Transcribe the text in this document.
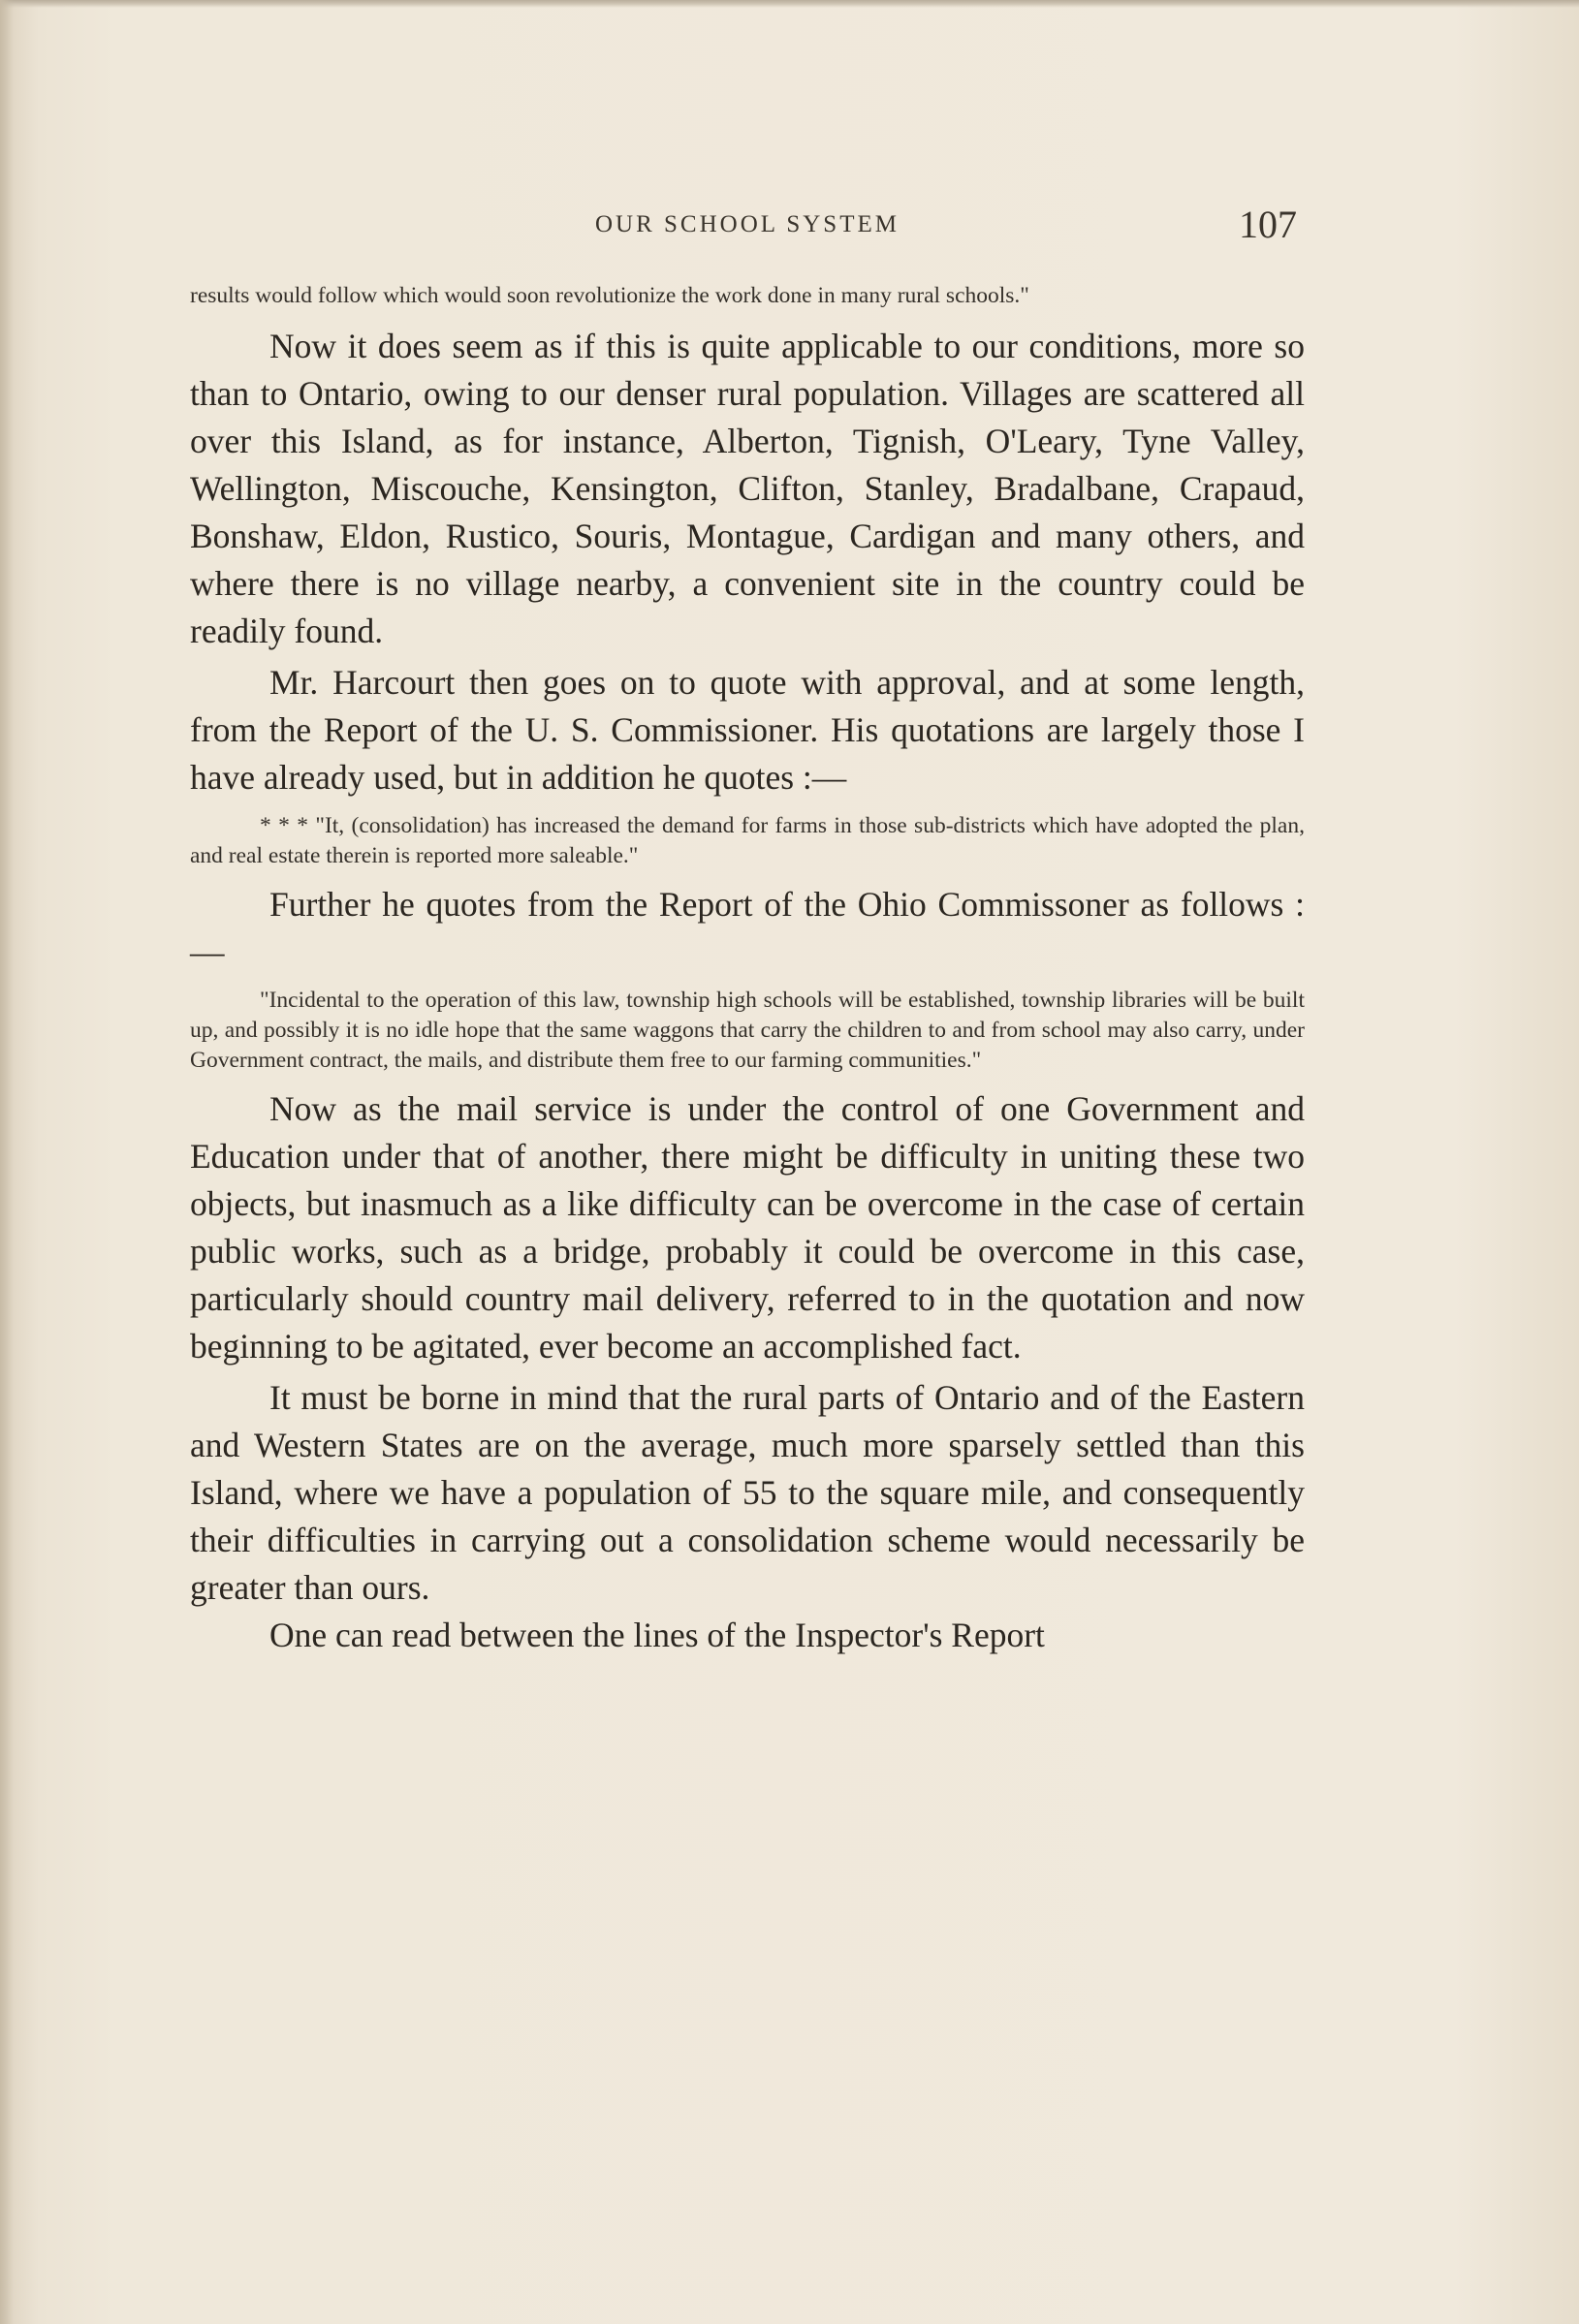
OUR SCHOOL SYSTEM	107

results would follow which would soon revolutionize the work done in many rural schools."

Now it does seem as if this is quite applicable to our conditions, more so than to Ontario, owing to our denser rural population. Villages are scattered all over this Island, as for instance, Alberton, Tignish, O'Leary, Tyne Valley, Wellington, Miscouche, Kensington, Clifton, Stanley, Bradalbane, Crapaud, Bonshaw, Eldon, Rustico, Souris, Montague, Cardigan and many others, and where there is no village nearby, a convenient site in the country could be readily found.

Mr. Harcourt then goes on to quote with approval, and at some length, from the Report of the U. S. Commissioner. His quotations are largely those I have already used, but in addition he quotes :—

* * * "It, (consolidation) has increased the demand for farms in those sub-districts which have adopted the plan, and real estate therein is reported more saleable."

Further he quotes from the Report of the Ohio Commissoner as follows :—

"Incidental to the operation of this law, township high schools will be established, township libraries will be built up, and possibly it is no idle hope that the same waggons that carry the children to and from school may also carry, under Government contract, the mails, and distribute them free to our farming communities."

Now as the mail service is under the control of one Government and Education under that of another, there might be difficulty in uniting these two objects, but inasmuch as a like difficulty can be overcome in the case of certain public works, such as a bridge, probably it could be overcome in this case, particularly should country mail delivery, referred to in the quotation and now beginning to be agitated, ever become an accomplished fact.

It must be borne in mind that the rural parts of Ontario and of the Eastern and Western States are on the average, much more sparsely settled than this Island, where we have a population of 55 to the square mile, and consequently their difficulties in carrying out a consolidation scheme would necessarily be greater than ours.

One can read between the lines of the Inspector's Report
